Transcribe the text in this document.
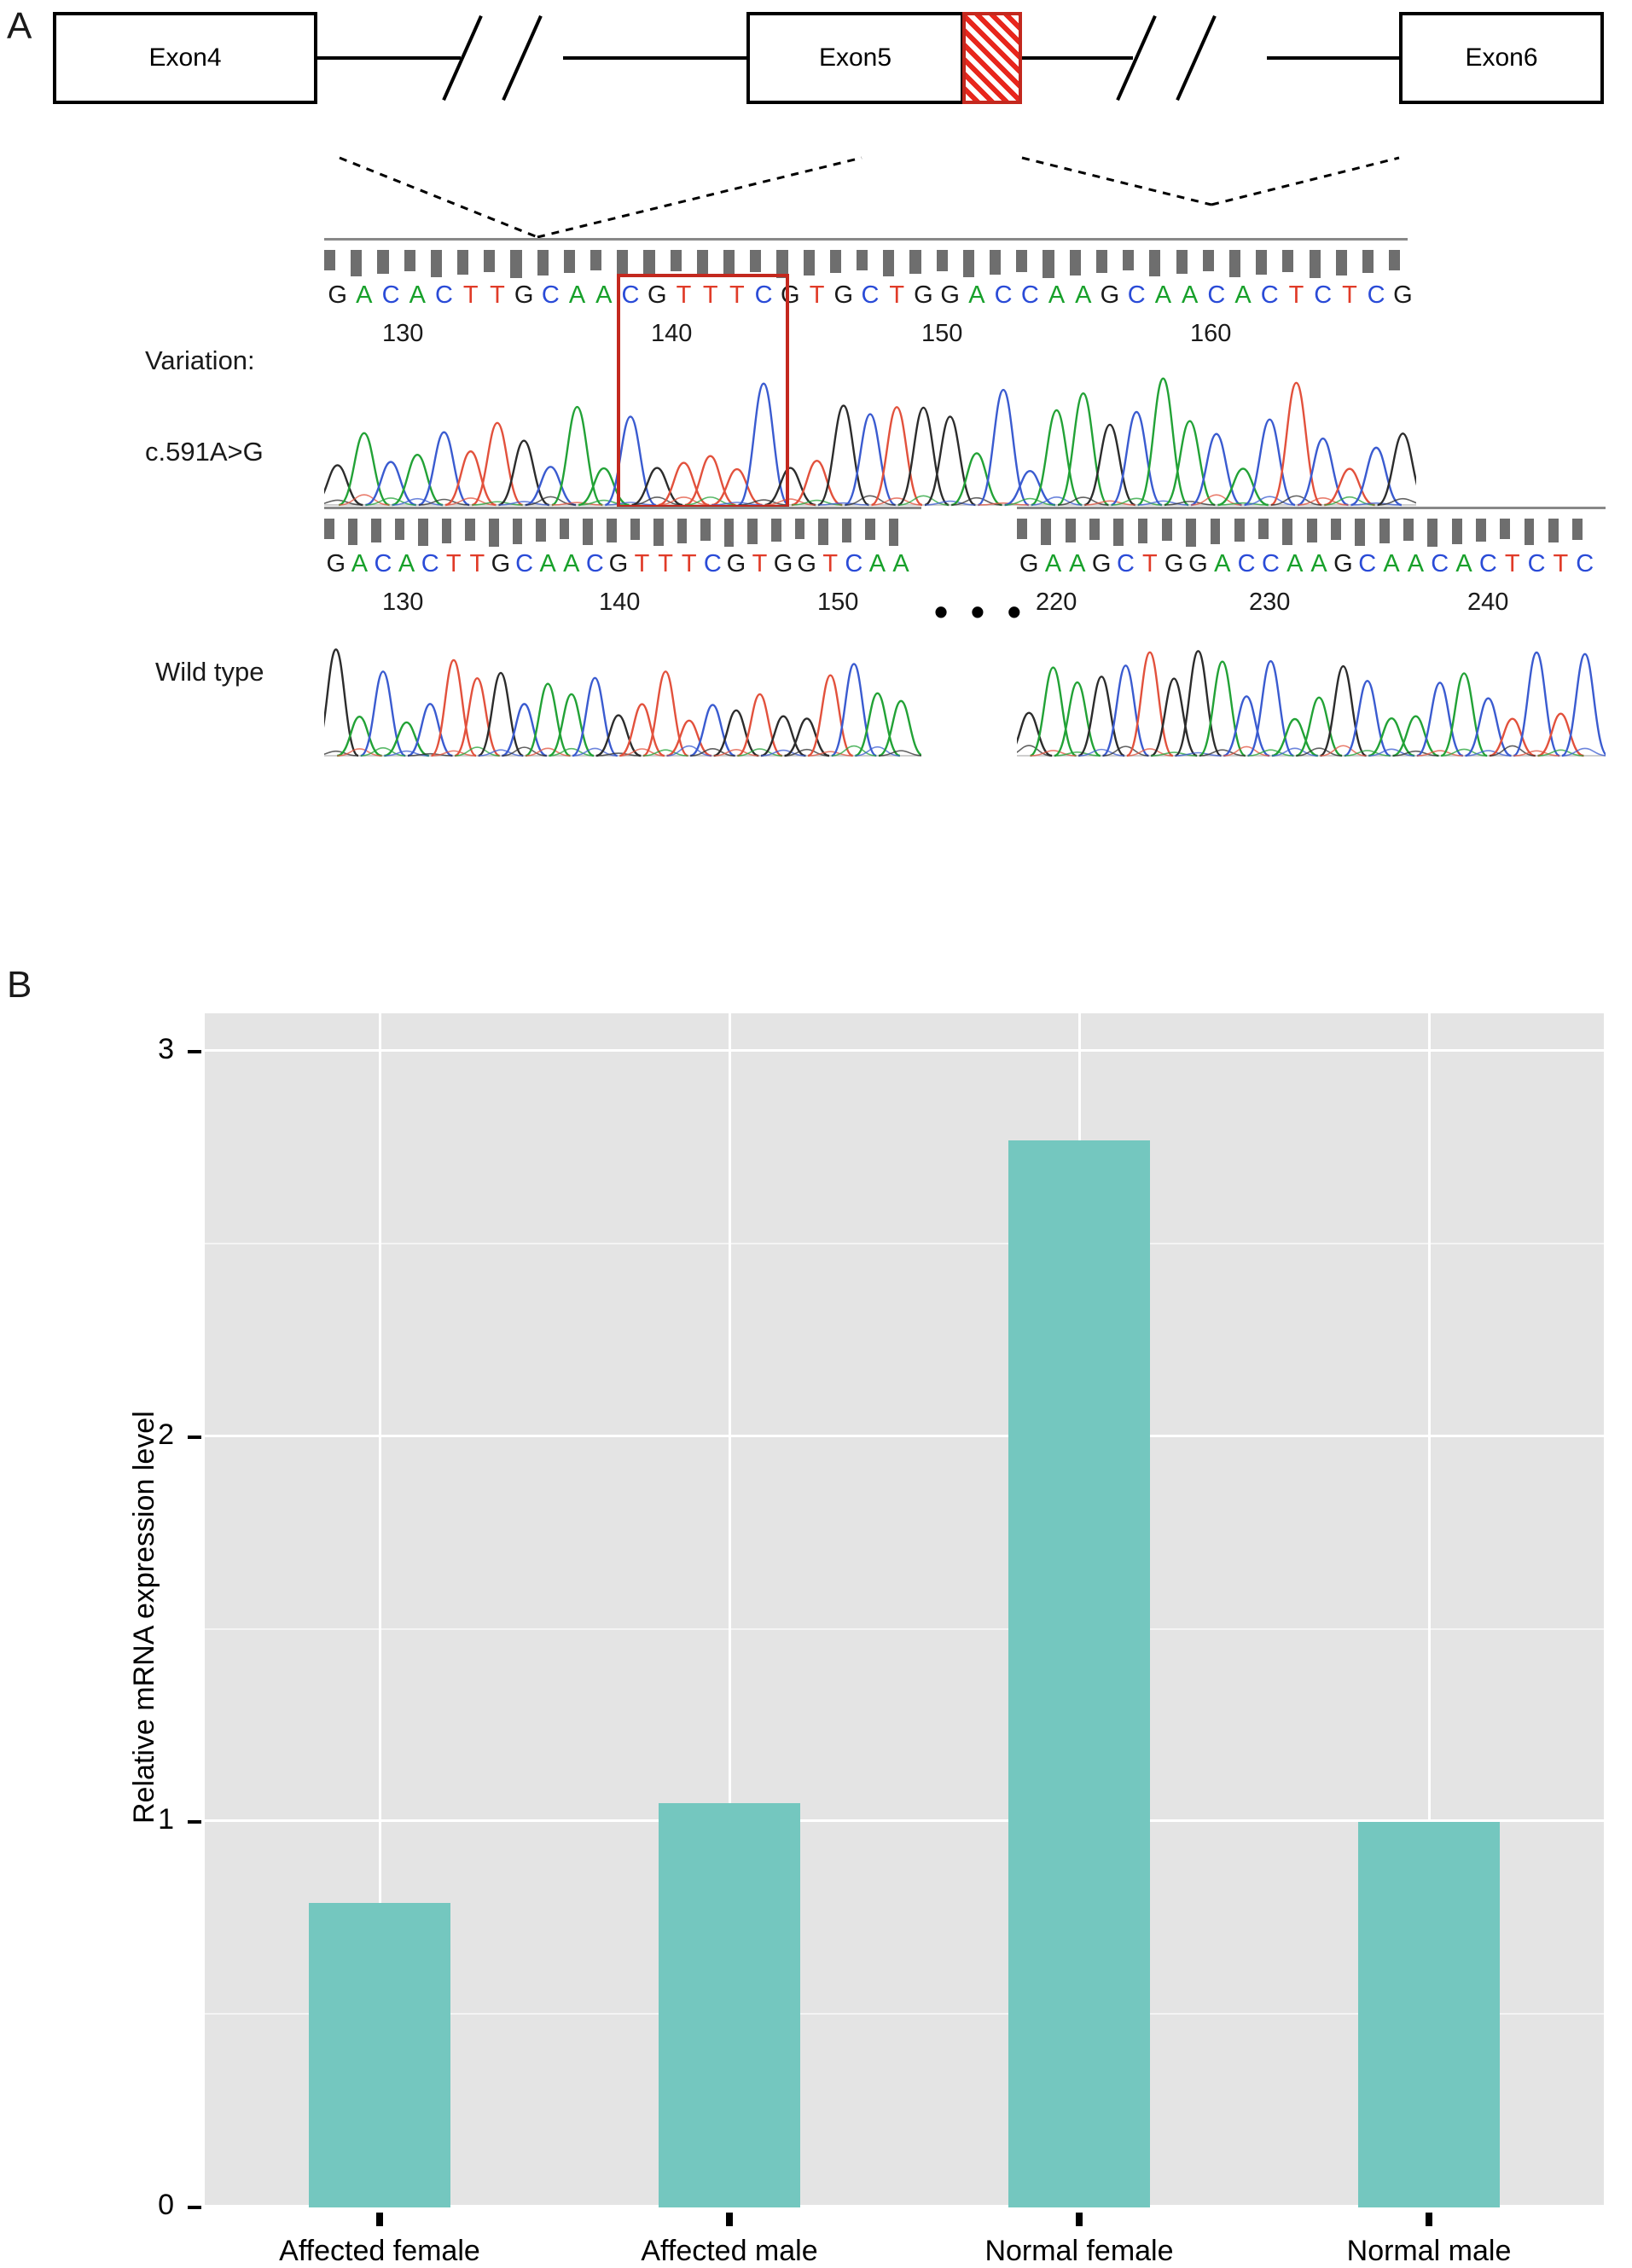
A
Exon4	Exon5	Exon6
Variation:
c.591A>G
G A C A C T T G C A A C G T T T C G T G C T G G A C C A A G C A A C A C T C T C G
130	140	150	160
Wild type
G A C A C T T G C A A C G T T T C G T G G T C A A
130	140	150 • • •
G A A G C T G G A C C A A G C A A C A C T C T C
220	230	240
B
Relative mRNA expression level
0
1
2
3
Affected female	Affected male	Normal female	Normal male
